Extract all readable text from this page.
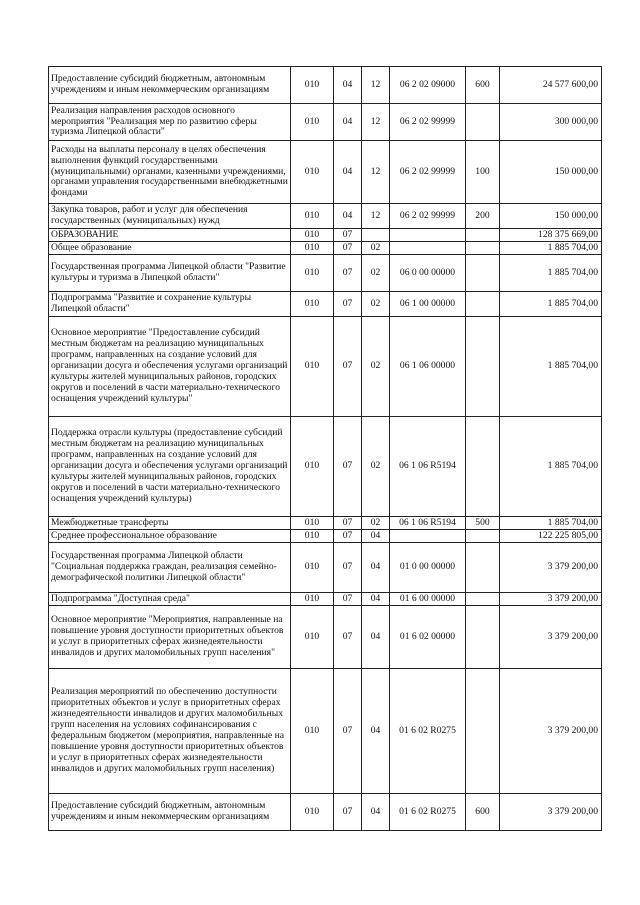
Предоставление субсидий бюджетным, автономным учреждениям и иным некоммерческим организациям	010	04	12	06 2 02 09000	600	24 577 600,00
Реализация направления расходов основного мероприятия "Реализация мер по развитию сферы туризма Липецкой области"	010	04	12	06 2 02 99999		300 000,00
Расходы на выплаты персоналу в целях обеспечения выполнения функций государственными (муниципальными) органами, казенными учреждениями, органами управления государственными внебюджетными фондами	010	04	12	06 2 02 99999	100	150 000,00
Закупка товаров, работ и услуг для обеспечения государственных (муниципальных) нужд	010	04	12	06 2 02 99999	200	150 000,00
ОБРАЗОВАНИЕ	010	07				128 375 669,00
Общее образование	010	07	02			1 885 704,00
Государственная программа Липецкой области "Развитие культуры и туризма в Липецкой области"	010	07	02	06 0 00 00000		1 885 704,00
Подпрограмма "Развитие и сохранение культуры Липецкой области"	010	07	02	06 1 00 00000		1 885 704,00
Основное мероприятие "Предоставление субсидий местным бюджетам на реализацию муниципальных программ, направленных на создание условий для организации досуга и обеспечения услугами организаций культуры жителей муниципальных районов, городских округов и поселений в части материально-технического оснащения учреждений культуры"	010	07	02	06 1 06 00000		1 885 704,00
Поддержка отрасли культуры (предоставление субсидий местным бюджетам на реализацию муниципальных программ, направленных на создание условий для организации досуга и обеспечения услугами организаций культуры жителей муниципальных районов, городских округов и поселений в части материально-технического оснащения учреждений культуры)	010	07	02	06 1 06 R5194		1 885 704,00
Межбюджетные трансферты	010	07	02	06 1 06 R5194	500	1 885 704,00
Среднее профессиональное образование	010	07	04			122 225 805,00
Государственная программа Липецкой области "Социальная поддержка граждан, реализация семейно-демографической политики Липецкой области"	010	07	04	01 0 00 00000		3 379 200,00
Подпрограмма "Доступная среда"	010	07	04	01 6 00 00000		3 379 200,00
Основное мероприятие "Мероприятия, направленные на повышение уровня доступности приоритетных объектов и услуг в приоритетных сферах жизнедеятельности инвалидов и других маломобильных групп населения"	010	07	04	01 6 02 00000		3 379 200,00
Реализация мероприятий по обеспечению доступности приоритетных объектов и услуг в приоритетных сферах жизнедеятельности инвалидов и других маломобильных групп населения на условиях софинансирования с федеральным бюджетом (мероприятия, направленные на повышение уровня доступности приоритетных объектов и услуг в приоритетных сферах жизнедеятельности инвалидов и других маломобильных групп населения)	010	07	04	01 6 02 R0275		3 379 200,00
Предоставление субсидий бюджетным, автономным учреждениям и иным некоммерческим организациям	010	07	04	01 6 02 R0275	600	3 379 200,00
